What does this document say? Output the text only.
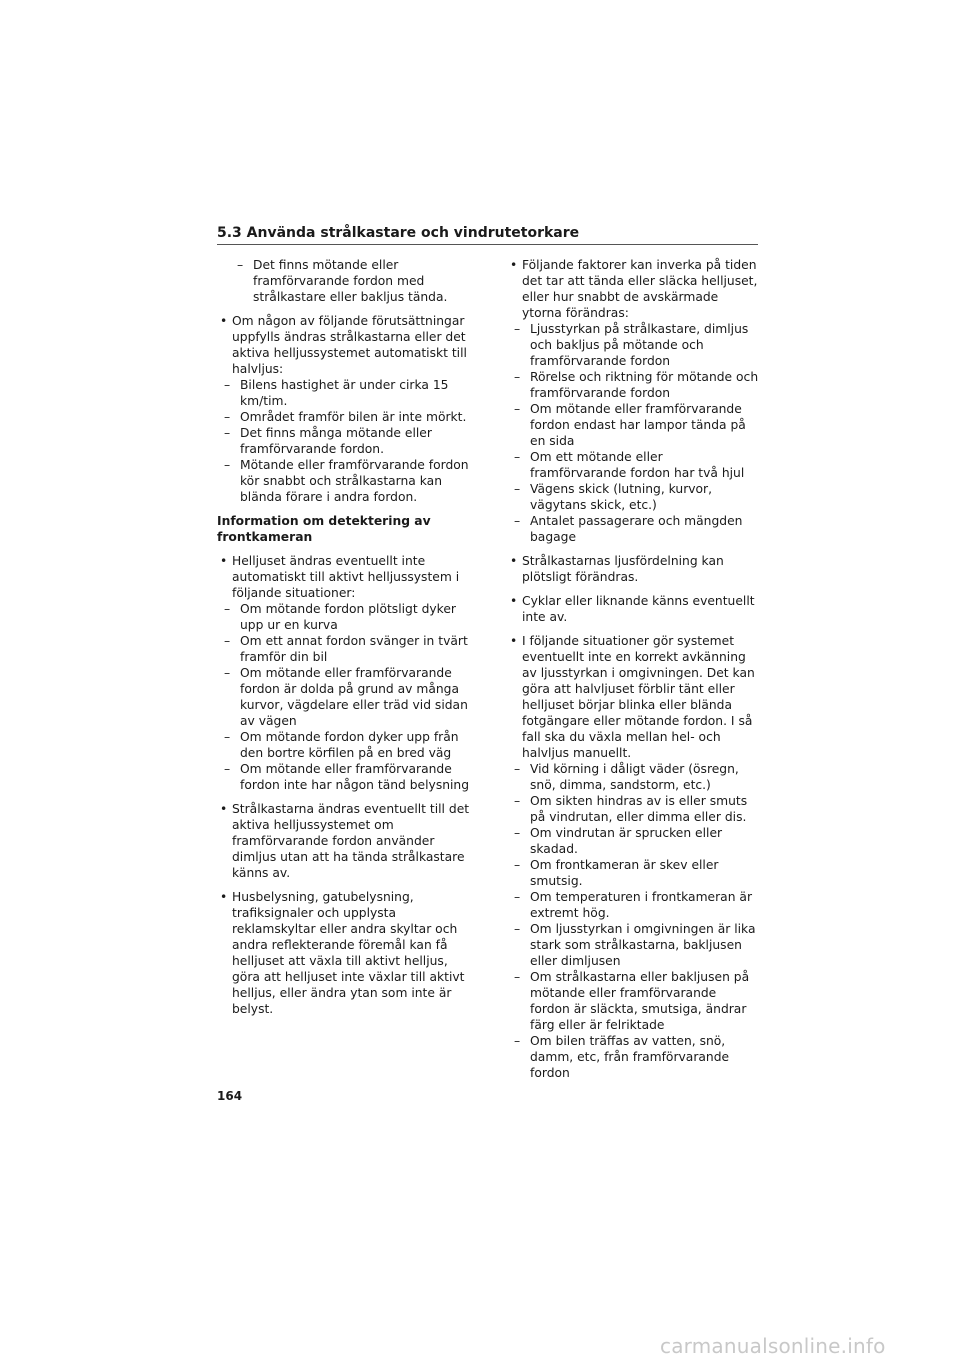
5.3 Använda strålkastare och vindrutetorkare
– Det finns mötande eller framförvarande fordon med strålkastare eller bakljus tända.
• Om någon av följande förutsättningar uppfylls ändras strålkastarna eller det aktiva helljussystemet automatiskt till halvljus:
– Bilens hastighet är under cirka 15 km/tim.
– Området framför bilen är inte mörkt.
– Det finns många mötande eller framförvarande fordon.
– Mötande eller framförvarande fordon kör snabbt och strålkastarna kan blända förare i andra fordon.
Information om detektering av frontkameran
• Helljuset ändras eventuellt inte automatiskt till aktivt helljussystem i följande situationer:
– Om mötande fordon plötsligt dyker upp ur en kurva
– Om ett annat fordon svänger in tvärt framför din bil
– Om mötande eller framförvarande fordon är dolda på grund av många kurvor, vägdelare eller träd vid sidan av vägen
– Om mötande fordon dyker upp från den bortre körfilen på en bred väg
– Om mötande eller framförvarande fordon inte har någon tänd belysning
• Strålkastarna ändras eventuellt till det aktiva helljussystemet om framförvarande fordon använder dimljus utan att ha tända strålkastare känns av.
• Husbelysning, gatubelysning, trafiksignaler och upplysta reklamskyltar eller andra skyltar och andra reflekterande föremål kan få helljuset att växla till aktivt helljus, göra att helljuset inte växlar till aktivt helljus, eller ändra ytan som inte är belyst.
• Följande faktorer kan inverka på tiden det tar att tända eller släcka helljuset, eller hur snabbt de avskärmade ytorna förändras:
– Ljusstyrkan på strålkastare, dimljus och bakljus på mötande och framförvarande fordon
– Rörelse och riktning för mötande och framförvarande fordon
– Om mötande eller framförvarande fordon endast har lampor tända på en sida
– Om ett mötande eller framförvarande fordon har två hjul
– Vägens skick (lutning, kurvor, vägytans skick, etc.)
– Antalet passagerare och mängden bagage
• Strålkastarnas ljusfördelning kan plötsligt förändras.
• Cyklar eller liknande känns eventuellt inte av.
• I följande situationer gör systemet eventuellt inte en korrekt avkänning av ljusstyrkan i omgivningen. Det kan göra att halvljuset förblir tänt eller helljuset börjar blinka eller blända fotgängare eller mötande fordon. I så fall ska du växla mellan hel- och halvljus manuellt.
– Vid körning i dåligt väder (ösregn, snö, dimma, sandstorm, etc.)
– Om sikten hindras av is eller smuts på vindrutan, eller dimma eller dis.
– Om vindrutan är sprucken eller skadad.
– Om frontkameran är skev eller smutsig.
– Om temperaturen i frontkameran är extremt hög.
– Om ljusstyrkan i omgivningen är lika stark som strålkastarna, bakljusen eller dimljusen
– Om strålkastarna eller bakljusen på mötande eller framförvarande fordon är släckta, smutsiga, ändrar färg eller är felriktade
– Om bilen träffas av vatten, snö, damm, etc, från framförvarande fordon
164
carmanualsonline.info
